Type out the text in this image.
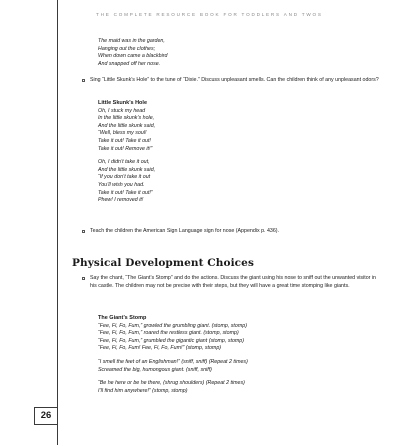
THE COMPLETE RESOURCE BOOK FOR TODDLERS AND TWOS
26
The maid was in the garden,
Hanging out the clothes;
When down came a blackbird
And snapped off her nose.
Sing “Little Skunk’s Hole” to the tune of “Dixie.” Discuss unpleasant smells. Can the children think of any unpleasant odors?
Little Skunk’s Hole
Oh, I stuck my head
In the little skunk’s hole,
And the little skunk said,
“Well, bless my soul!
Take it out! Take it out!
Take it out! Remove it!”
Oh, I didn’t take it out,
And the little skunk said,
“If you don’t take it out
You’ll wish you had.
Take it out! Take it out!”
Phew! I removed it!
Teach the children the American Sign Language sign for nose (Appendix p. 436).
Physical Development Choices
Say the chant, “The Giant’s Stomp” and do the actions. Discuss the giant using his nose to sniff out the unwanted visitor in his castle. The children may not be precise with their steps, but they will have a great time stomping like giants.
The Giant’s Stomp
“Fee, Fi, Fo, Fum,” growled the grumbling giant. (stomp, stomp)
“Fee, Fi, Fo, Fum,” roared the restless giant. (stomp, stomp)
“Fee, Fi, Fo, Fum,” grumbled the gigantic giant (stomp, stomp)
“Fee, Fi, Fo, Fum! Fee, Fi, Fo, Fum!” (stomp, stomp)
“I smell the feet of an Englishman!” (sniff, sniff) (Repeat 2 times)
Screamed the big, humongous giant. (sniff, sniff)
“Be he here or be he there, (shrug shoulders) (Repeat 2 times)
I’ll find him anywhere!” (stomp, stomp)
